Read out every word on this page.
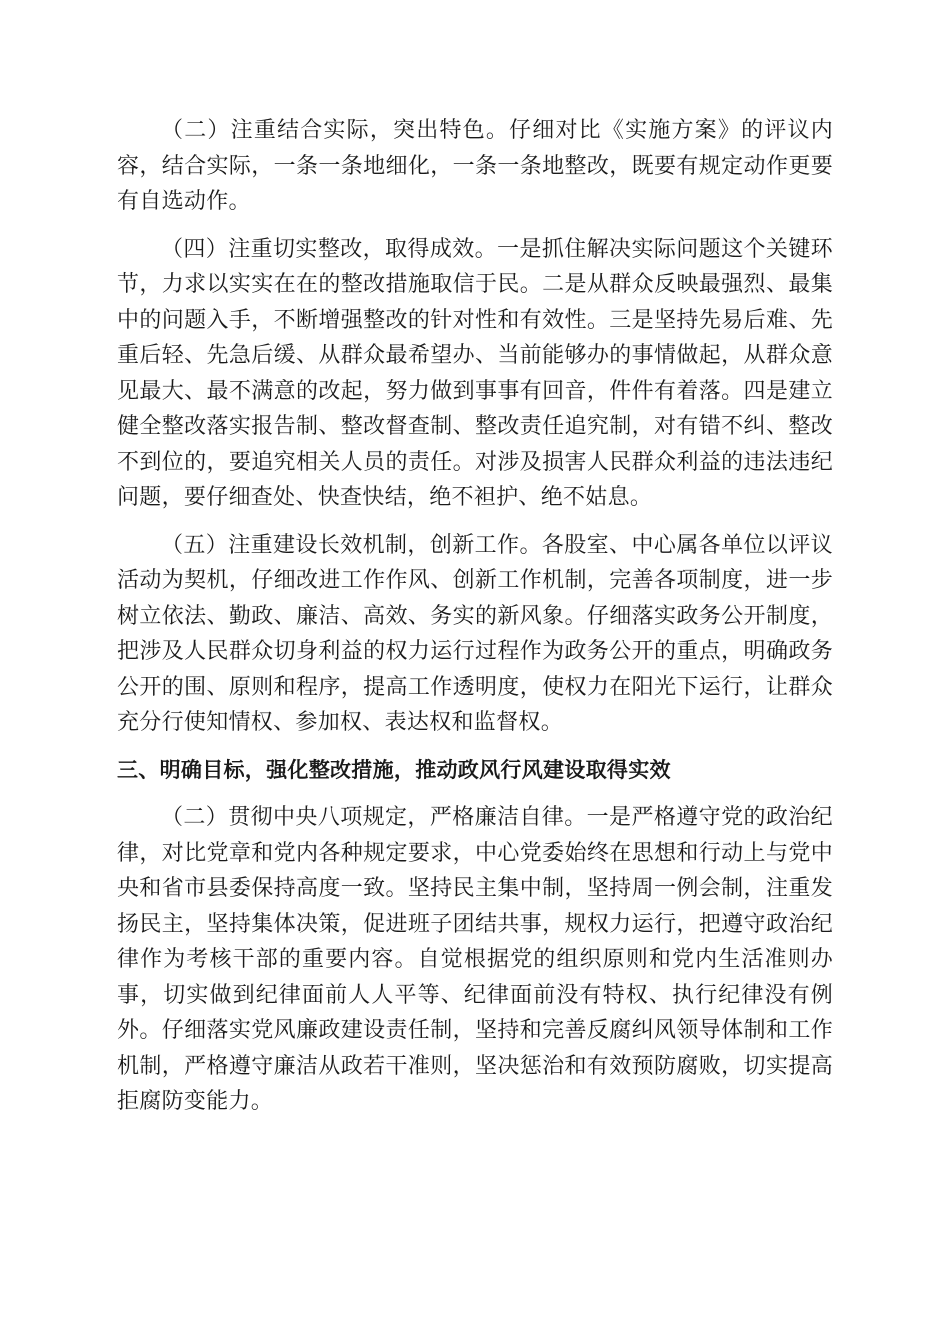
（二）注重结合实际，突出特色。仔细对比《实施方案》的评议内容，结合实际，一条一条地细化，一条一条地整改，既要有规定动作更要有自选动作。

（四）注重切实整改，取得成效。一是抓住解决实际问题这个关键环节，力求以实实在在的整改措施取信于民。二是从群众反映最强烈、最集中的问题入手，不断增强整改的针对性和有效性。三是坚持先易后难、先重后轻、先急后缓、从群众最希望办、当前能够办的事情做起，从群众意见最大、最不满意的改起，努力做到事事有回音，件件有着落。四是建立健全整改落实报告制、整改督查制、整改责任追究制，对有错不纠、整改不到位的，要追究相关人员的责任。对涉及损害人民群众利益的违法违纪问题，要仔细查处、快查快结，绝不袒护、绝不姑息。

（五）注重建设长效机制，创新工作。各股室、中心属各单位以评议活动为契机，仔细改进工作作风、创新工作机制，完善各项制度，进一步树立依法、勤政、廉洁、高效、务实的新风象。仔细落实政务公开制度，把涉及人民群众切身利益的权力运行过程作为政务公开的重点，明确政务公开的围、原则和程序，提高工作透明度，使权力在阳光下运行，让群众充分行使知情权、参加权、表达权和监督权。

三、明确目标，强化整改措施，推动政风行风建设取得实效

（二）贯彻中央八项规定，严格廉洁自律。一是严格遵守党的政治纪律，对比党章和党内各种规定要求，中心党委始终在思想和行动上与党中央和省市县委保持高度一致。坚持民主集中制，坚持周一例会制，注重发扬民主，坚持集体决策，促进班子团结共事，规权力运行，把遵守政治纪律作为考核干部的重要内容。自觉根据党的组织原则和党内生活准则办事，切实做到纪律面前人人平等、纪律面前没有特权、执行纪律没有例外。仔细落实党风廉政建设责任制，坚持和完善反腐纠风领导体制和工作机制，严格遵守廉洁从政若干准则，坚决惩治和有效预防腐败，切实提高拒腐防变能力。
